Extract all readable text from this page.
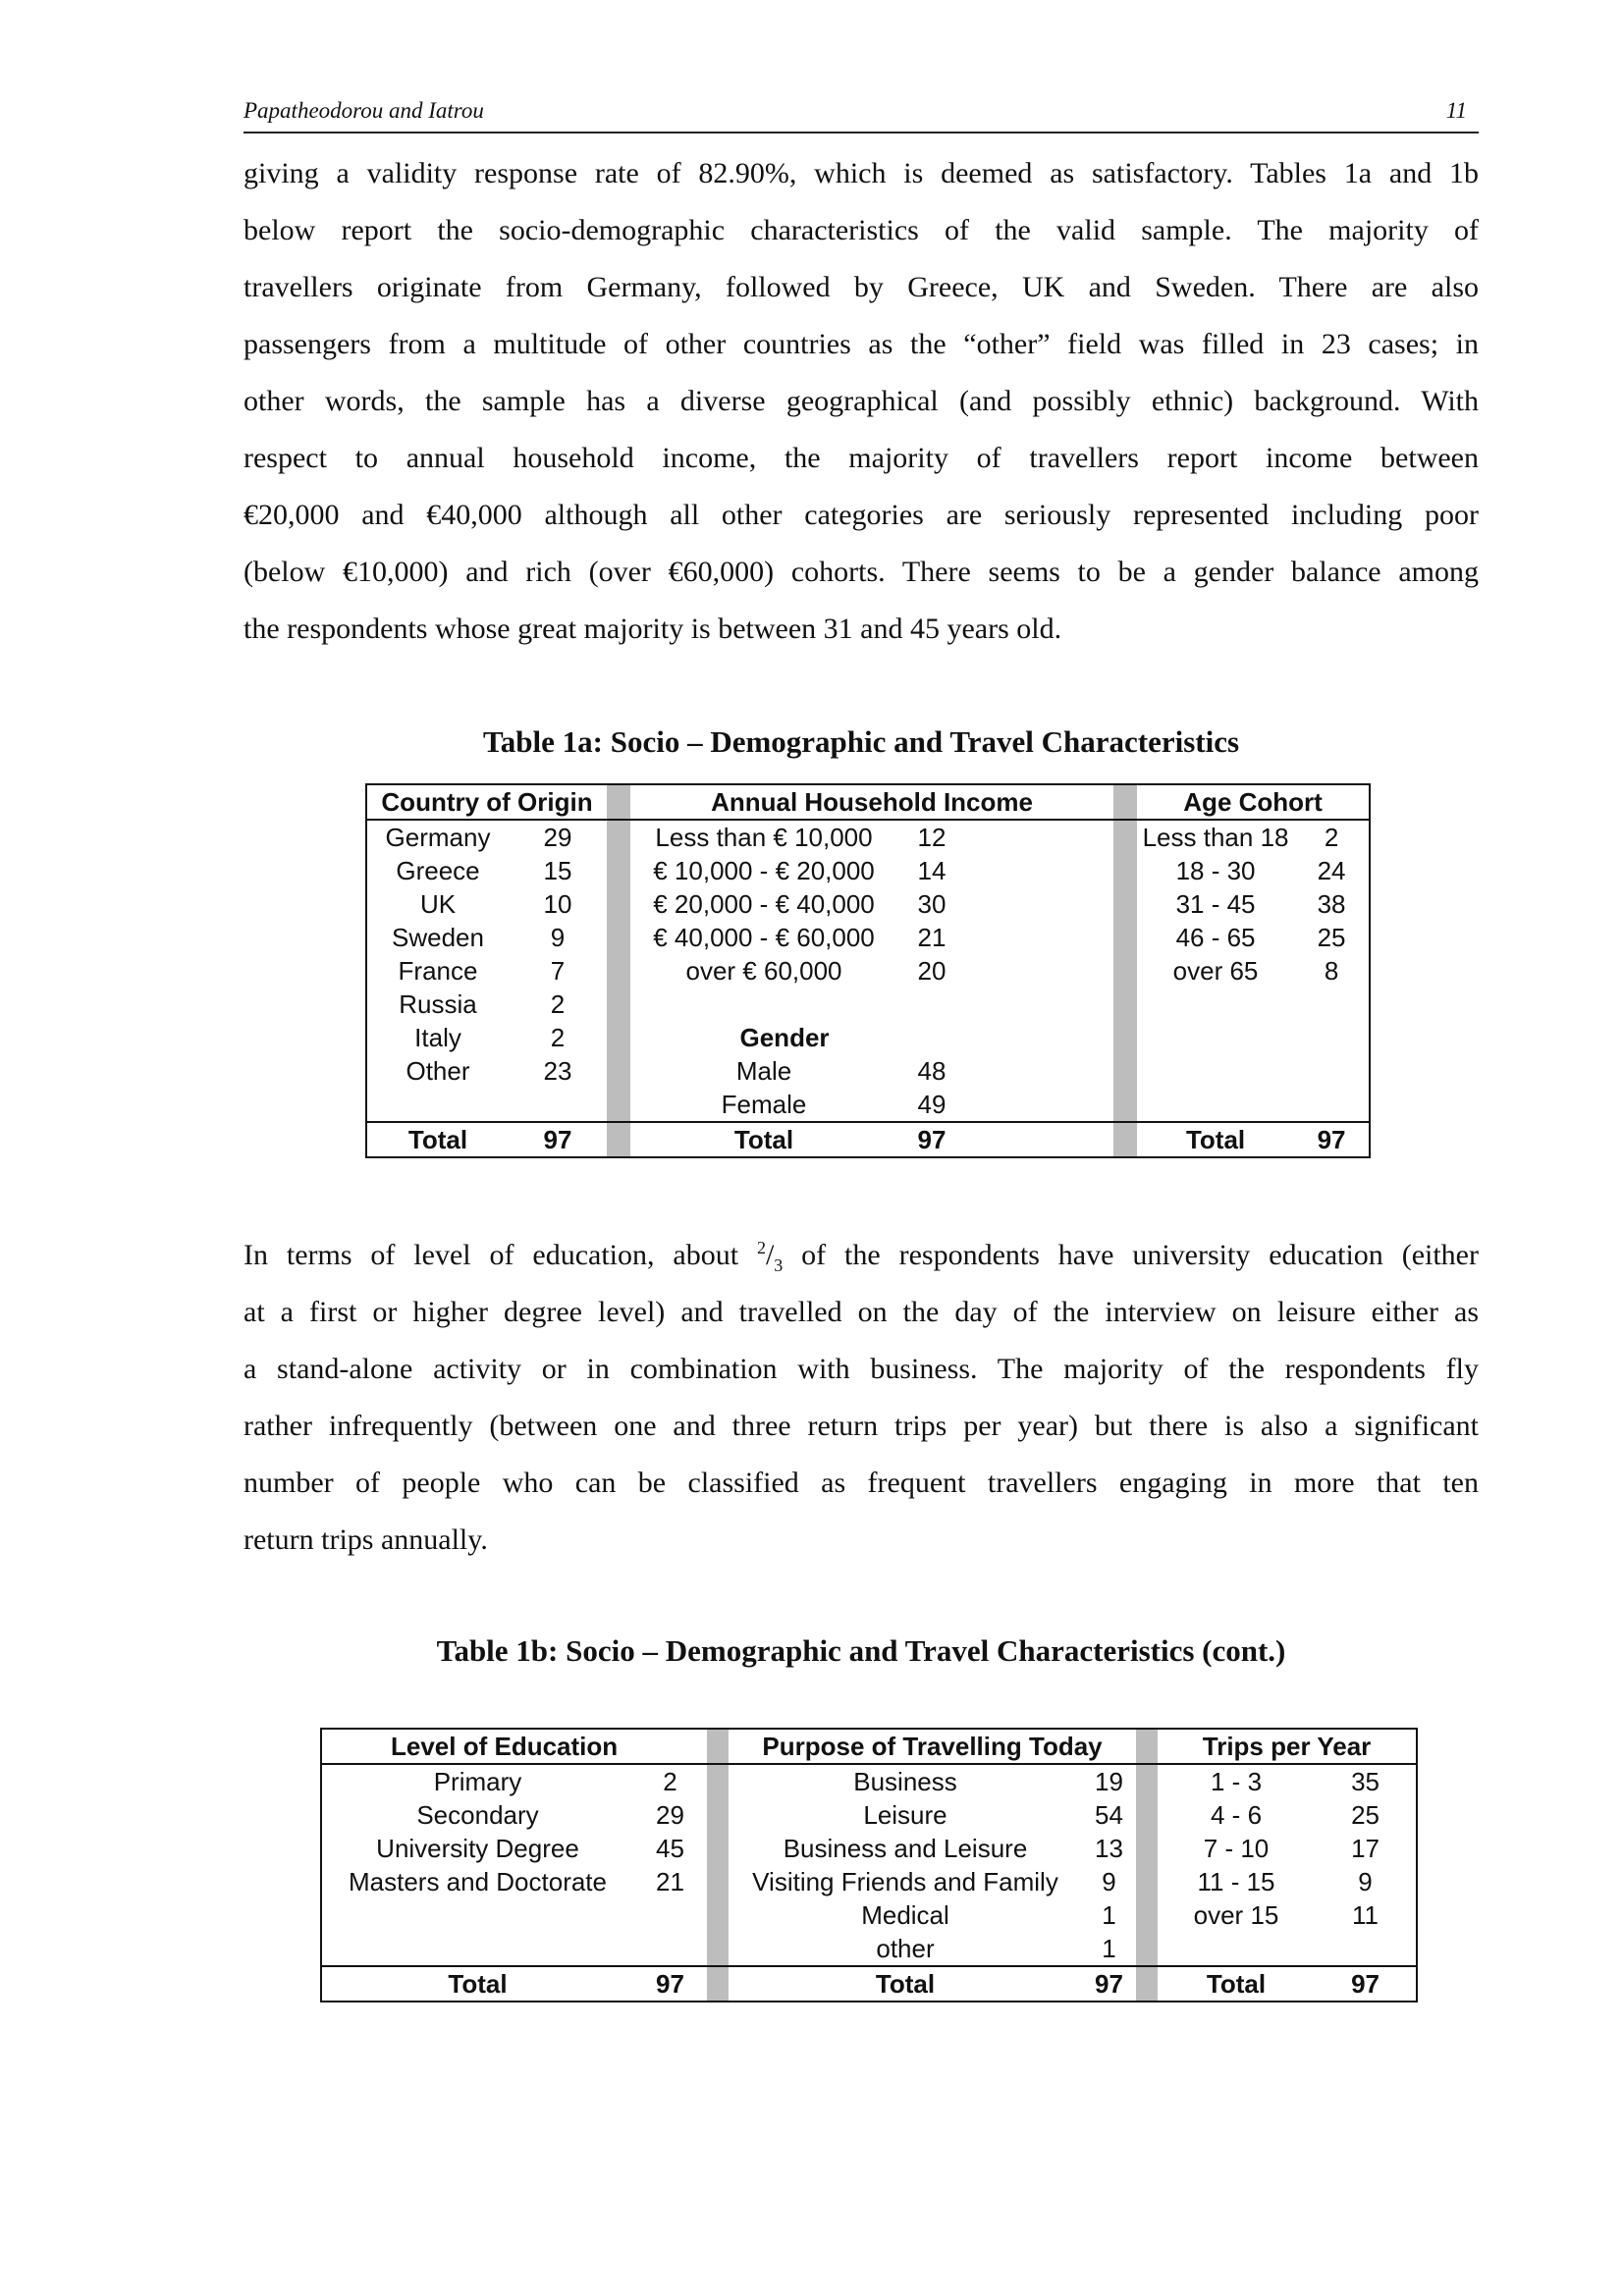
Papatheodorou and Iatrou	11
giving a validity response rate of 82.90%, which is deemed as satisfactory. Tables 1a and 1b
below report the socio-demographic characteristics of the valid sample. The majority of
travellers originate from Germany, followed by Greece, UK and Sweden. There are also
passengers from a multitude of other countries as the “other” field was filled in 23 cases; in
other words, the sample has a diverse geographical (and possibly ethnic) background. With
respect to annual household income, the majority of travellers report income between
€20,000 and €40,000 although all other categories are seriously represented including poor
(below €10,000) and rich (over €60,000) cohorts. There seems to be a gender balance among
the respondents whose great majority is between 31 and 45 years old.
Table 1a: Socio – Demographic and Travel Characteristics
Country of Origin			Annual Household Income				Age Cohort	
Germany	29		Less than € 10,000	12			Less than 18	2
Greece	15		€ 10,000 - € 20,000	14			18 - 30	24
UK	10		€ 20,000 - € 40,000	30			31 - 45	38
Sweden	9		€ 40,000 - € 60,000	21			46 - 65	25
France	7		over € 60,000	20			over 65	8
Russia	2							
Italy	2		Gender					
Other	23		Male	48				
			Female	49				
Total	97		Total	97			Total	97
In terms of level of education, about $^2/_3$ of the respondents have university education (either
at a first or higher degree level) and travelled on the day of the interview on leisure either as
a stand-alone activity or in combination with business. The majority of the respondents fly
rather infrequently (between one and three return trips per year) but there is also a significant
number of people who can be classified as frequent travellers engaging in more that ten
return trips annually.
Table 1b: Socio – Demographic and Travel Characteristics (cont.)
Level of Education			Purpose of Travelling Today			Trips per Year	
Primary	2		Business	19		1 - 3	35
Secondary	29		Leisure	54		4 - 6	25
University Degree	45		Business and Leisure	13		7 - 10	17
Masters and Doctorate	21		Visiting Friends and Family	9		11 - 15	9
			Medical	1		over 15	11
			other	1			
Total	97		Total	97		Total	97
